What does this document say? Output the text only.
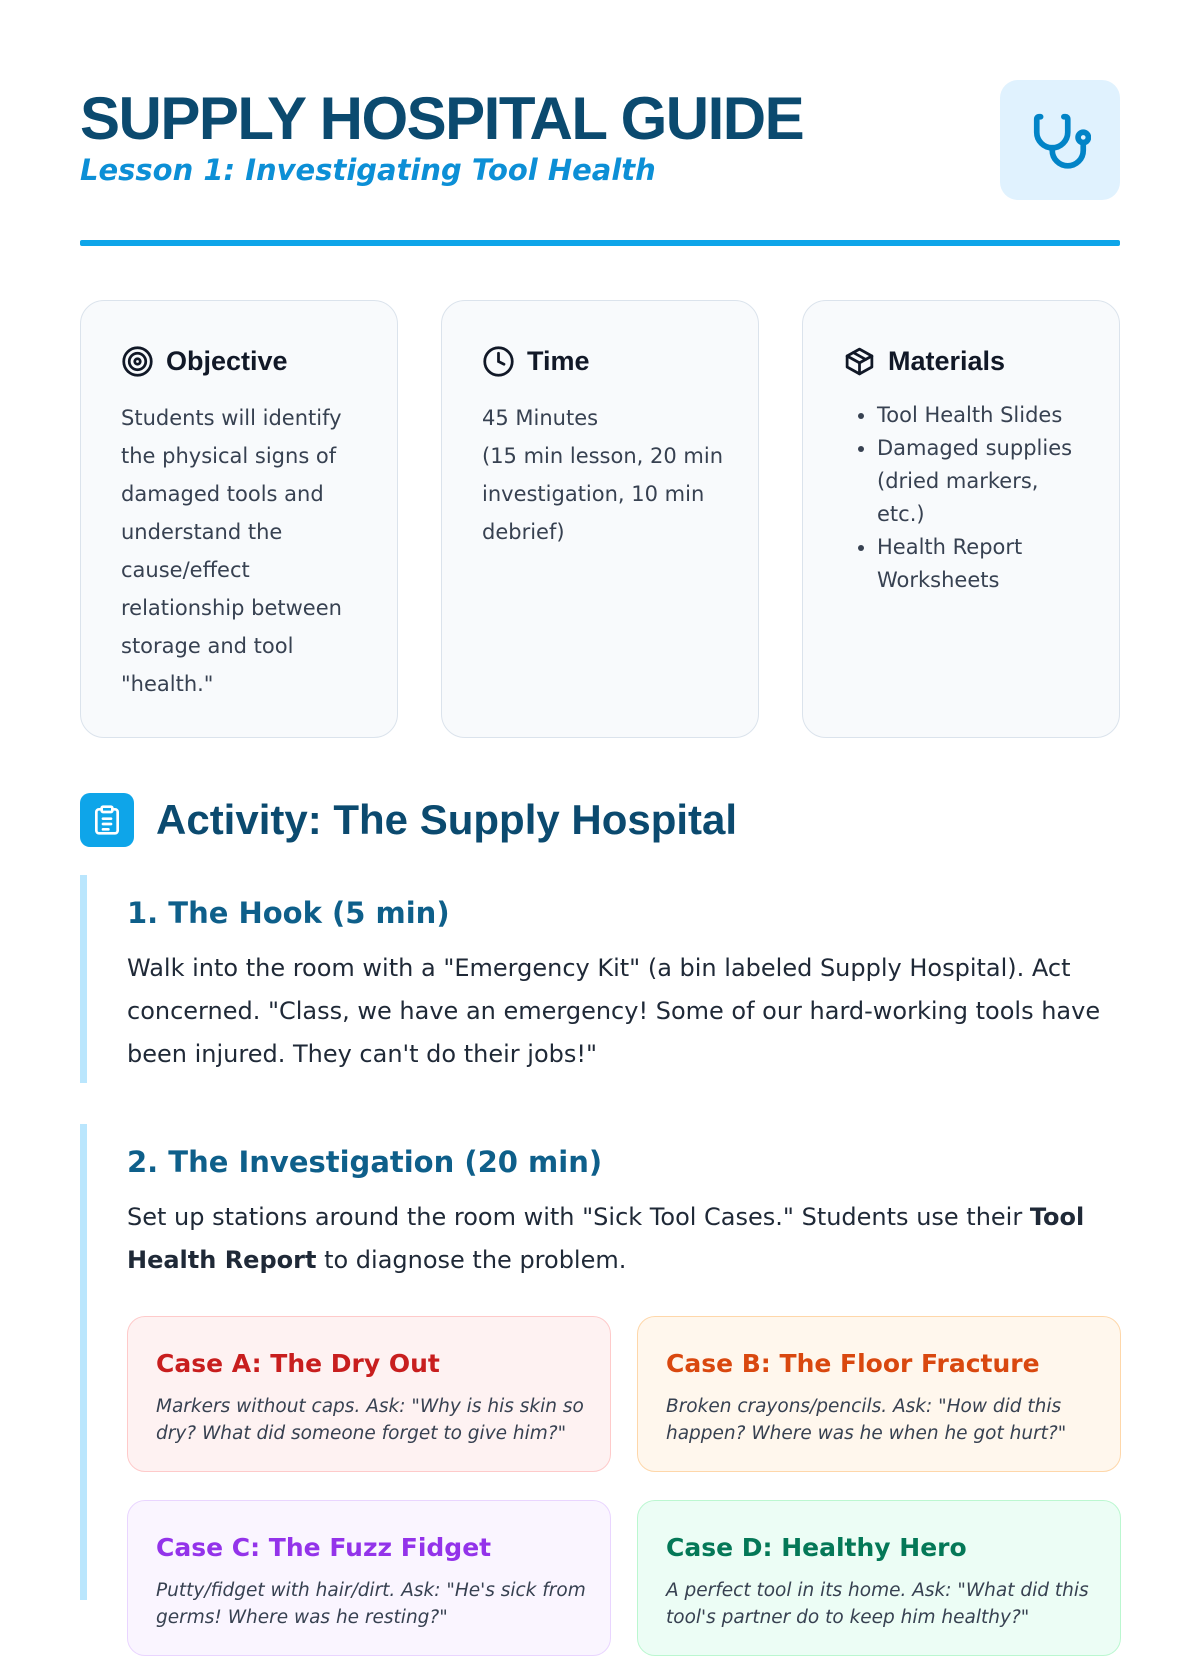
SUPPLY HOSPITAL GUIDE
Lesson 1: Investigating Tool Health
Objective

Students will identify the physical signs of damaged tools and understand the cause/effect relationship between storage and tool "health."

Time

45 Minutes

(15 min lesson, 20 min investigation, 10 min debrief)

Materials
• Tool Health Slides
• Damaged supplies (dried markers, etc.)
• Health Report Worksheets
Activity: The Supply Hospital
1. The Hook (5 min)

Walk into the room with a "Emergency Kit" (a bin labeled Supply Hospital). Act concerned. "Class, we have an emergency! Some of our hard-working tools have been injured. They can't do their jobs!"

2. The Investigation (20 min)

Set up stations around the room with "Sick Tool Cases." Students use their Tool Health Report to diagnose the problem.

Case A: The Dry Out

Markers without caps. Ask: "Why is his skin so dry? What did someone forget to give him?"

Case B: The Floor Fracture

Broken crayons/pencils. Ask: "How did this happen? Where was he when he got hurt?"

Case C: The Fuzz Fidget

Putty/fidget with hair/dirt. Ask: "He's sick from germs! Where was he resting?"

Case D: Healthy Hero

A perfect tool in its home. Ask: "What did this tool's partner do to keep him healthy?"
